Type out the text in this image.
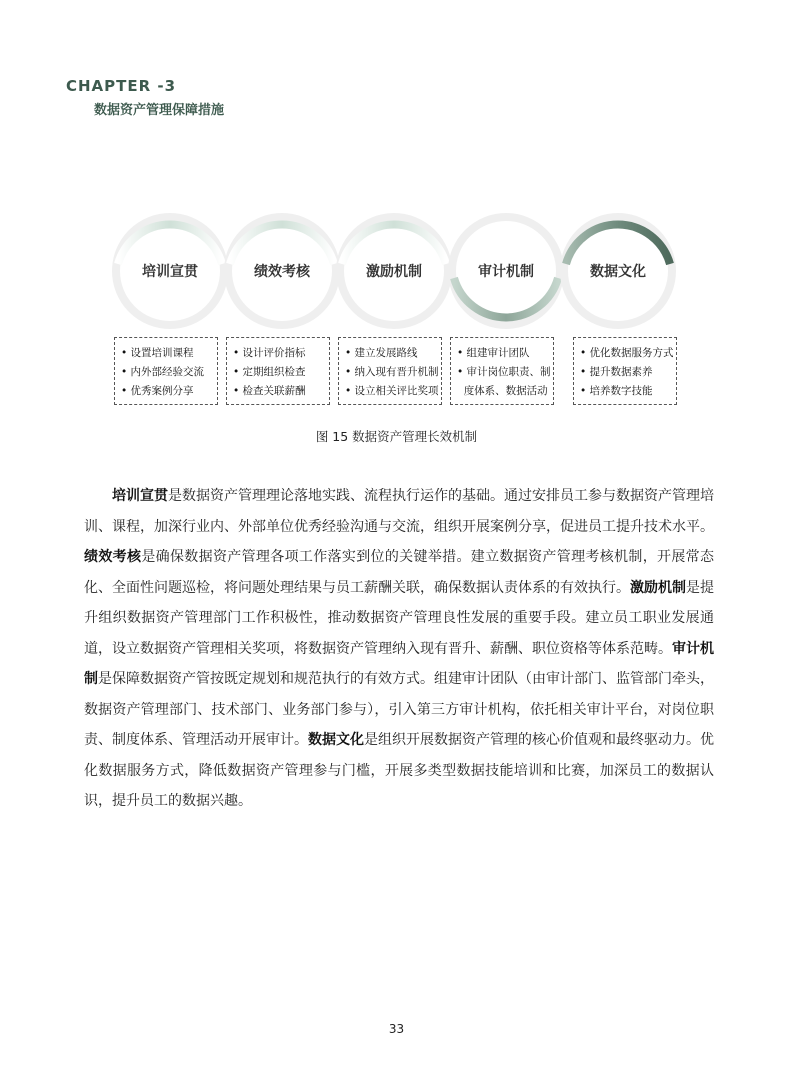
CHAPTER -3
数据资产管理保障措施
培训宣贯	绩效考核	激励机制	审计机制	数据文化
• 设置培训课程
• 内外部经验交流
• 优秀案例分享
• 设计评价指标
• 定期组织检查
• 检查关联薪酬
• 建立发展路线
• 纳入现有晋升机制
• 设立相关评比奖项
• 组建审计团队
• 审计岗位职责、制
度体系、数据活动
• 优化数据服务方式
• 提升数据素养
• 培养数字技能
图 15 数据资产管理长效机制
培训宣贯是数据资产管理理论落地实践、流程执行运作的基础。通过安排员工参与数据资产管理培训、课程，加深行业内、外部单位优秀经验沟通与交流，组织开展案例分享，促进员工提升技术水平。绩效考核是确保数据资产管理各项工作落实到位的关键举措。建立数据资产管理考核机制，开展常态化、全面性问题巡检，将问题处理结果与员工薪酬关联，确保数据认责体系的有效执行。激励机制是提升组织数据资产管理部门工作积极性，推动数据资产管理良性发展的重要手段。建立员工职业发展通道，设立数据资产管理相关奖项，将数据资产管理纳入现有晋升、薪酬、职位资格等体系范畴。审计机制是保障数据资产管按既定规划和规范执行的有效方式。组建审计团队（由审计部门、监管部门牵头，数据资产管理部门、技术部门、业务部门参与），引入第三方审计机构，依托相关审计平台，对岗位职责、制度体系、管理活动开展审计。数据文化是组织开展数据资产管理的核心价值观和最终驱动力。优化数据服务方式，降低数据资产管理参与门槛，开展多类型数据技能培训和比赛，加深员工的数据认识，提升员工的数据兴趣。
33
